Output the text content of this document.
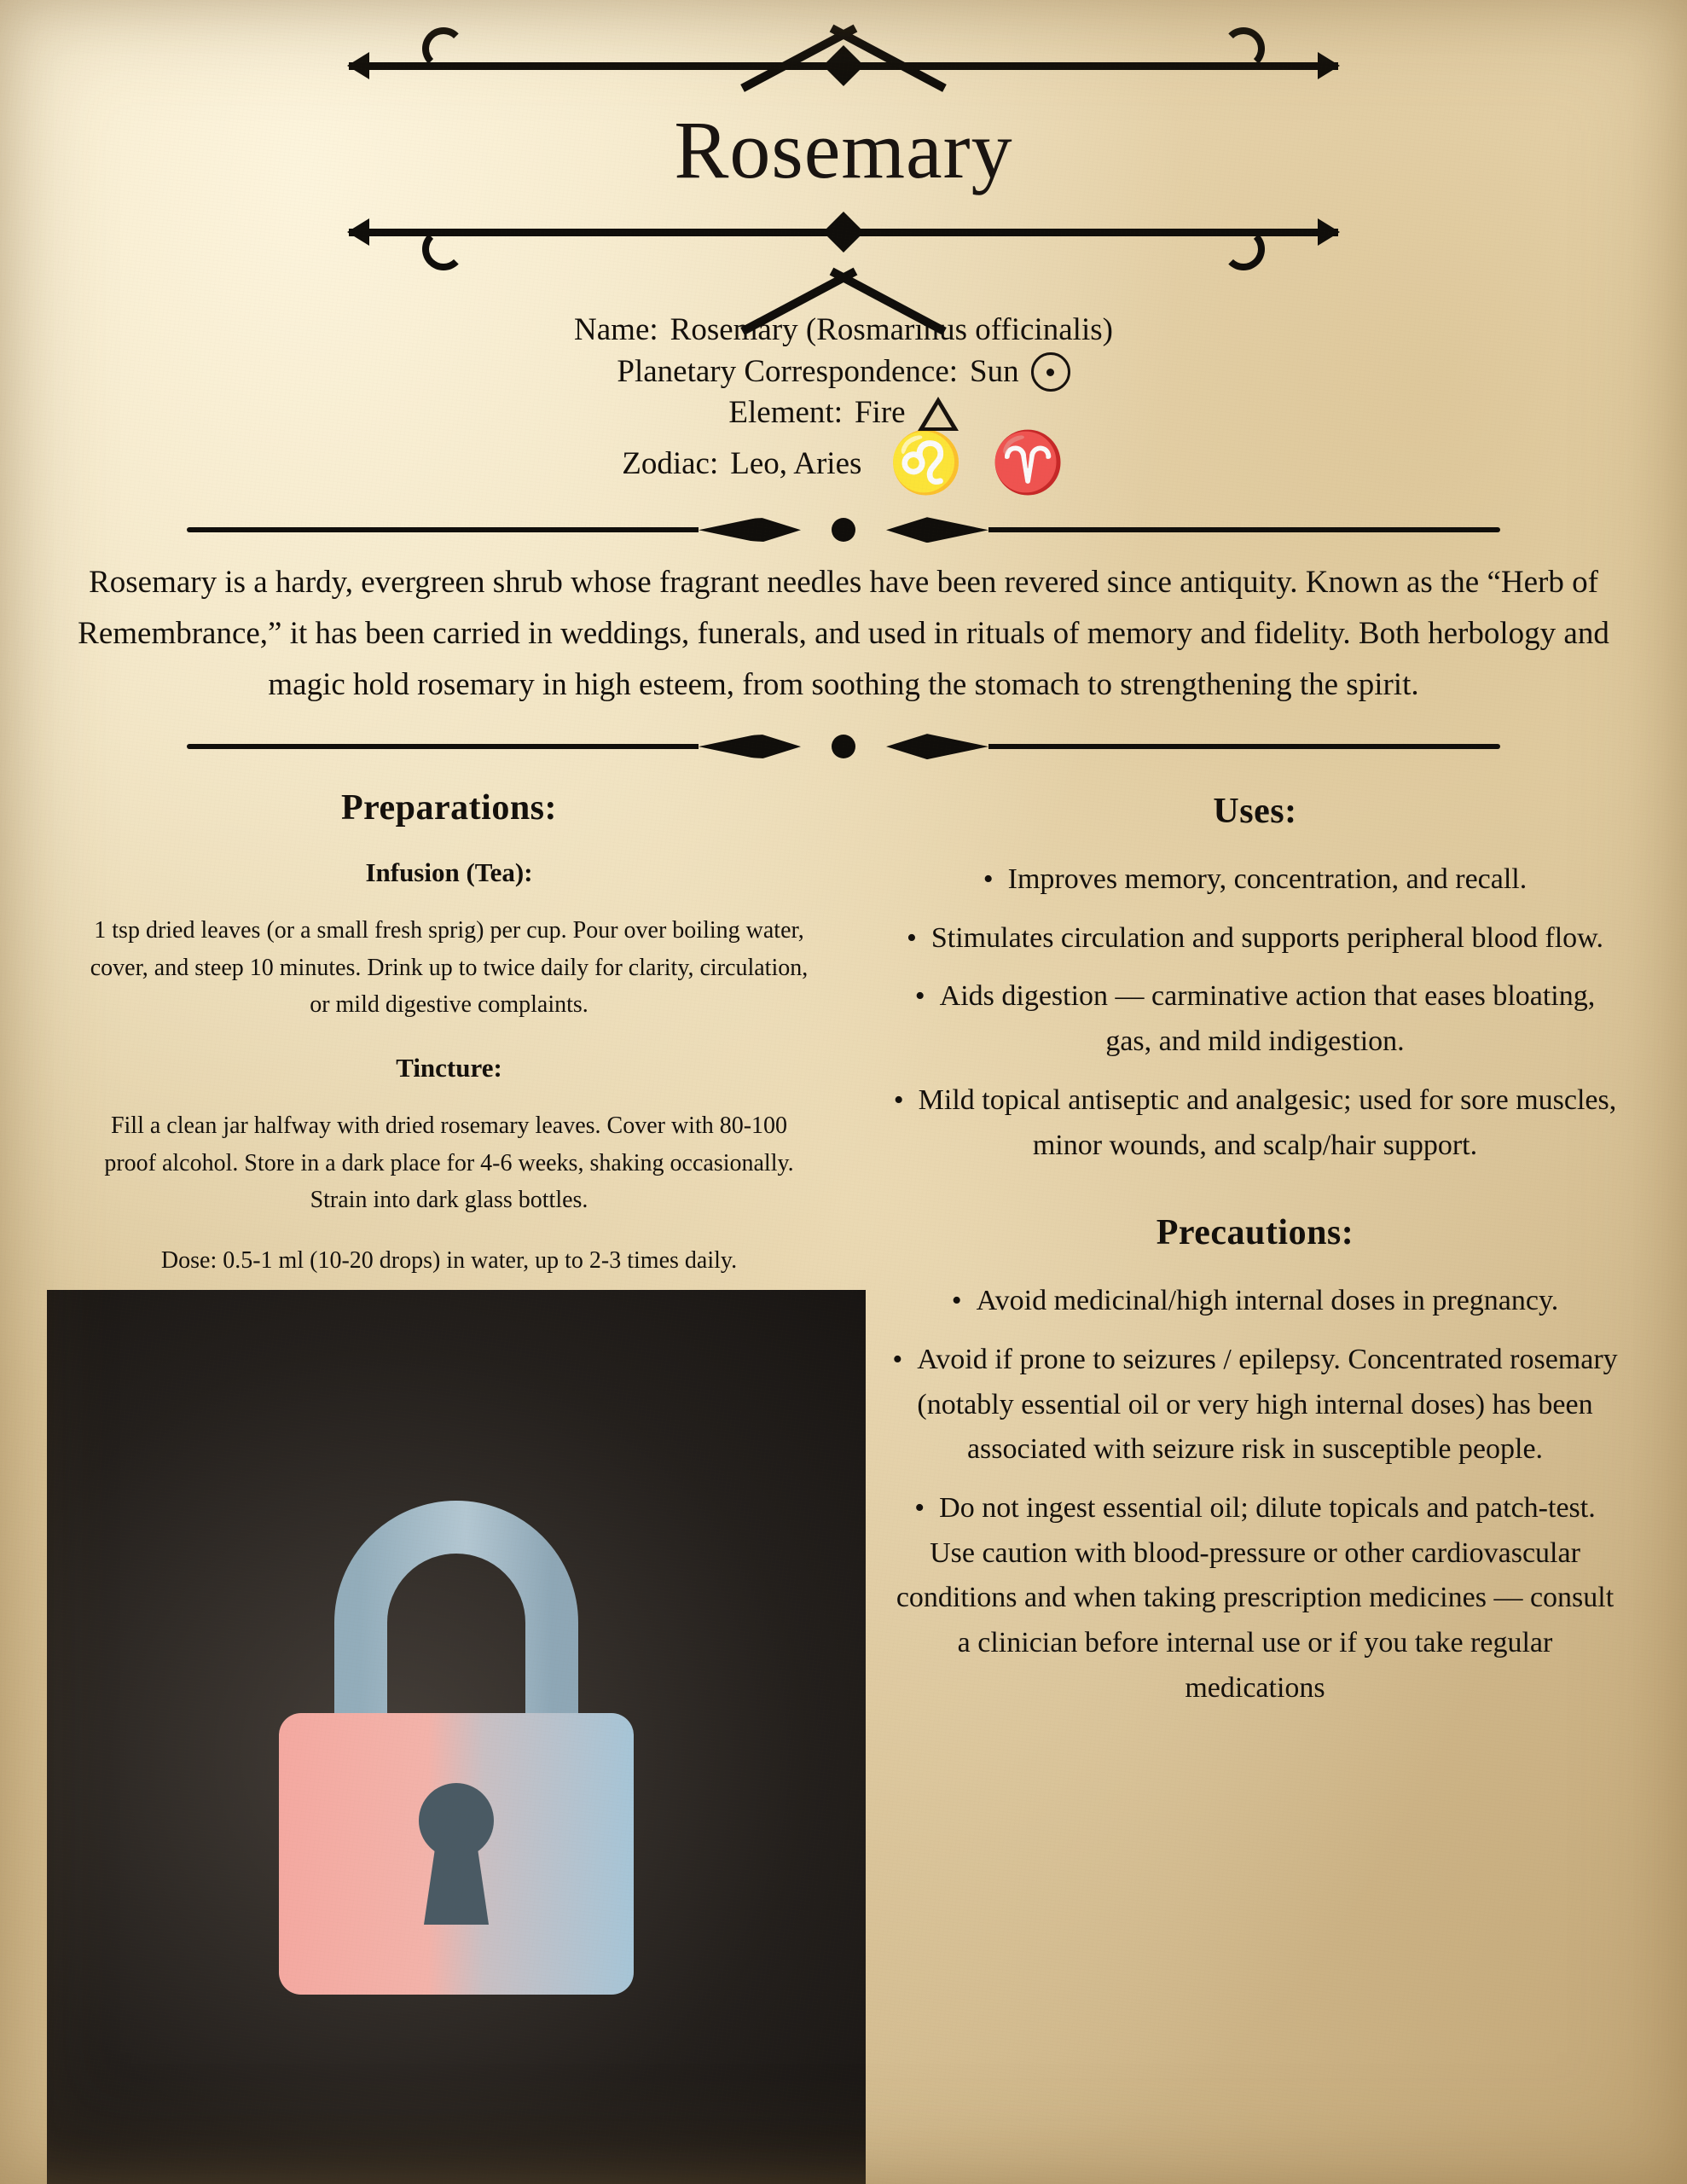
Rosemary
Name: Rosemary (Rosmarinus officinalis)
Planetary Correspondence: Sun
Element: Fire
Zodiac: Leo, Aries ♌ ♈

Rosemary is a hardy, evergreen shrub whose fragrant needles have been revered since antiquity. Known as the “Herb of Remembrance,” it has been carried in weddings, funerals, and used in rituals of memory and fidelity. Both herbology and magic hold rosemary in high esteem, from soothing the stomach to strengthening the spirit.

Preparations:
Infusion (Tea):

1 tsp dried leaves (or a small fresh sprig) per cup. Pour over boiling water, cover, and steep 10 minutes. Drink up to twice daily for clarity, circulation, or mild digestive complaints.

Tincture:

Fill a clean jar halfway with dried rosemary leaves. Cover with 80-100 proof alcohol. Store in a dark place for 4-6 weeks, shaking occasionally. Strain into dark glass bottles.

Dose: 0.5-1 ml (10-20 drops) in water, up to 2-3 times daily.

Uses:
•  Improves memory, concentration, and recall.
•  Stimulates circulation and supports peripheral blood flow.
•  Aids digestion — carminative action that eases bloating, gas, and mild indigestion.
•  Mild topical antiseptic and analgesic; used for sore muscles, minor wounds, and scalp/hair support.
Precautions:
•  Avoid medicinal/high internal doses in pregnancy.
•  Avoid if prone to seizures / epilepsy. Concentrated rosemary (notably essential oil or very high internal doses) has been associated with seizure risk in susceptible people.
•  Do not ingest essential oil; dilute topicals and patch-test. Use caution with blood-pressure or other cardiovascular conditions and when taking prescription medicines — consult a clinician before internal use or if you take regular medications
